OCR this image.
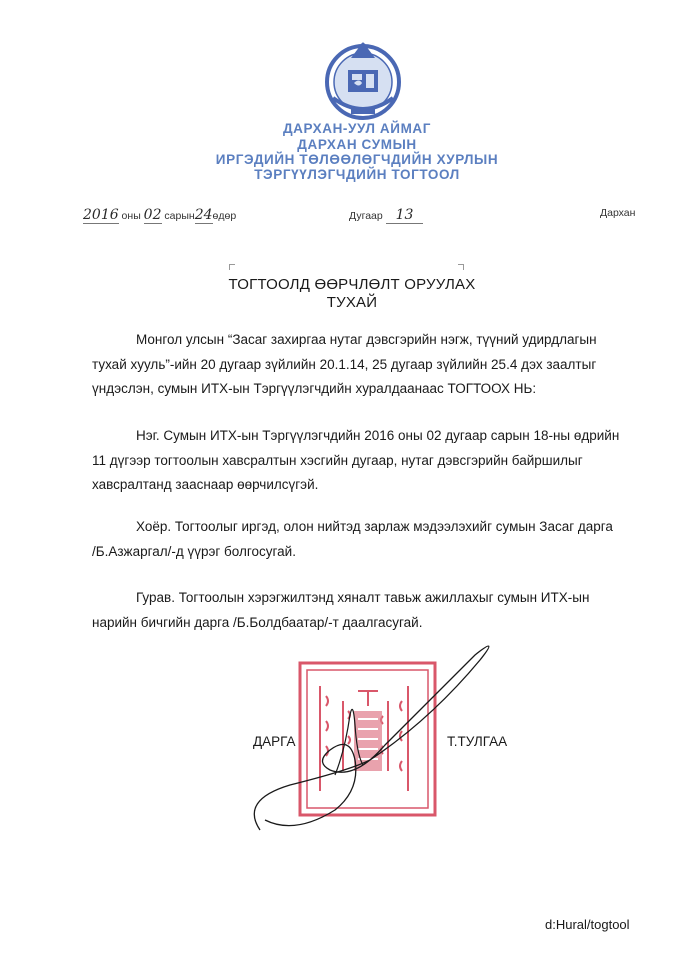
ДАРХАН-УУЛ АЙМАГ
ДАРХАН СУМЫН
ИРГЭДИЙН ТӨЛӨӨЛӨГЧДИЙН ХУРЛЫН
ТЭРГҮҮЛЭГЧДИЙН ТОГТООЛ
2016 оны 02 сарын24өдөр	Дугаар 13	Дархан
ТОГТООЛД ӨӨРЧЛӨЛТ ОРУУЛАХ
ТУХАЙ
Монгол улсын “Засаг захиргаа нутаг дэвсгэрийн нэгж, түүний удирдлагын
тухай хууль”-ийн 20 дугаар зүйлийн 20.1.14, 25 дугаар зүйлийн 25.4 дэх заалтыг
үндэслэн, сумын ИТХ-ын Тэргүүлэгчдийн хуралдаанаас ТОГТООХ НЬ:
Нэг. Сумын ИТХ-ын Тэргүүлэгчдийн 2016 оны 02 дугаар сарын 18-ны өдрийн
11 дүгээр тогтоолын хавсралтын хэсгийн дугаар, нутаг дэвсгэрийн байршилыг
хавсралтанд зааснаар өөрчилсүгэй.
Хоёр. Тогтоолыг иргэд, олон нийтэд зарлаж мэдээлэхийг сумын Засаг дарга
/Б.Азжаргал/-д үүрэг болгосугай.
Гурав. Тогтоолын хэрэгжилтэнд хяналт тавьж ажиллахыг сумын ИТХ-ын
нарийн бичгийн дарга /Б.Болдбаатар/-т даалгасугай.
ДАРГА	Т.ТУЛГАА
d:Hural/togtool
